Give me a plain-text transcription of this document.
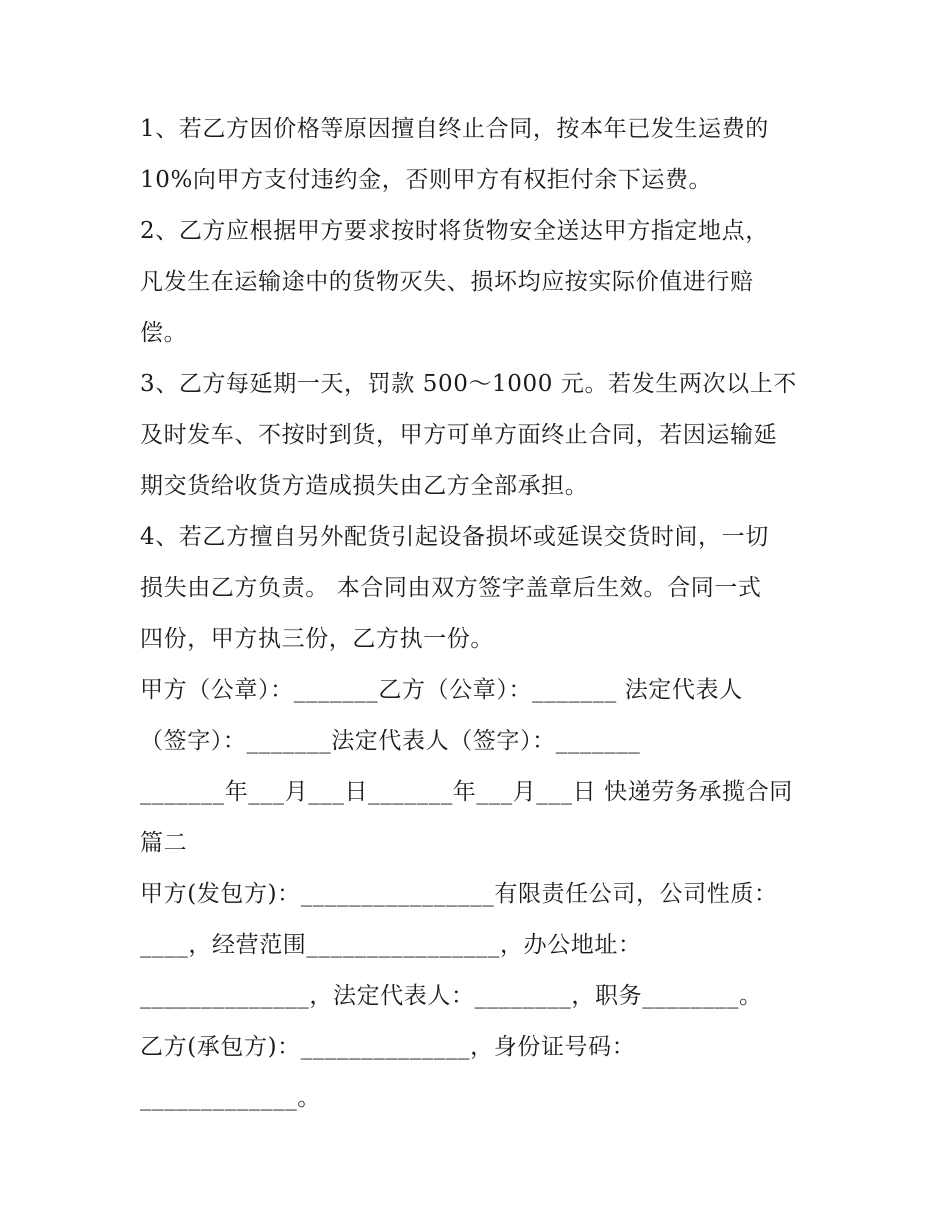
1、若乙方因价格等原因擅自终止合同，按本年已发生运费的
10%向甲方支付违约金，否则甲方有权拒付余下运费。
2、乙方应根据甲方要求按时将货物安全送达甲方指定地点，
凡发生在运输途中的货物灭失、损坏均应按实际价值进行赔
偿。
3、乙方每延期一天，罚款 500～1000 元。若发生两次以上不
及时发车、不按时到货，甲方可单方面终止合同，若因运输延
期交货给收货方造成损失由乙方全部承担。
4、若乙方擅自另外配货引起设备损坏或延误交货时间，一切
损失由乙方负责。 本合同由双方签字盖章后生效。合同一式
四份，甲方执三份，乙方执一份。
甲方（公章）：_______乙方（公章）：_______ 法定代表人
（签字）：_______法定代表人（签字）：_______
_______年___月___日_______年___月___日 快递劳务承揽合同
篇二
甲方(发包方)：________________有限责任公司，公司性质：
____，经营范围________________，办公地址：
______________，法定代表人：________，职务________。
乙方(承包方)：______________，身份证号码：
_____________。
